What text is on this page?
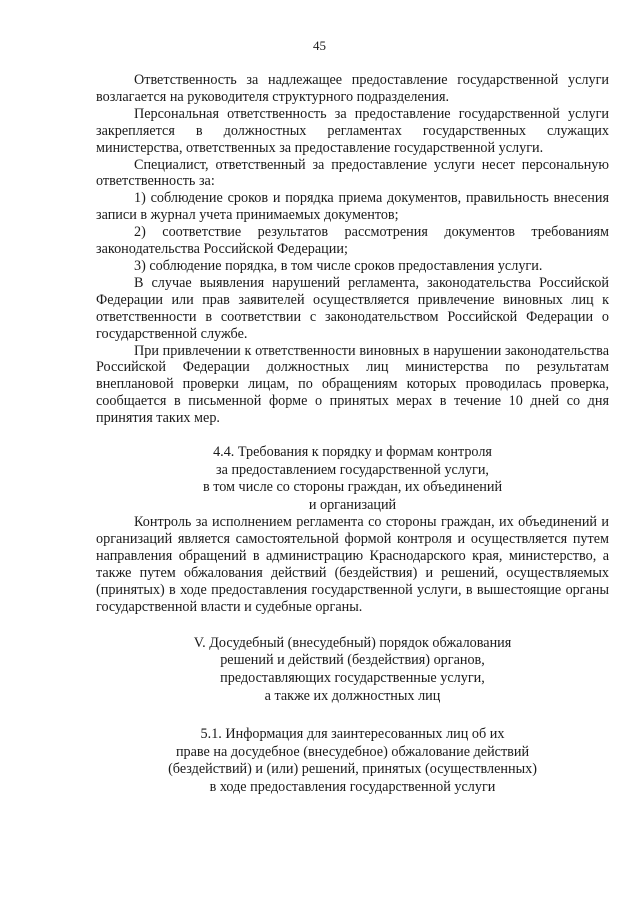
45

Ответственность за надлежащее предоставление государственной услуги возлагается на руководителя структурного подразделения.

Персональная ответственность за предоставление государственной услуги закрепляется в должностных регламентах государственных служащих министерства, ответственных за предоставление государственной услуги.

Специалист, ответственный за предоставление услуги несет персональную ответственность за:

1) соблюдение сроков и порядка приема документов, правильность внесения записи в журнал учета принимаемых документов;

2) соответствие результатов рассмотрения документов требованиям законодательства Российской Федерации;

3) соблюдение порядка, в том числе сроков предоставления услуги.

В случае выявления нарушений регламента, законодательства Российской Федерации или прав заявителей осуществляется привлечение виновных лиц к ответственности в соответствии с законодательством Российской Федерации о государственной службе.

При привлечении к ответственности виновных в нарушении законодательства Российской Федерации должностных лиц министерства по результатам внеплановой проверки лицам, по обращениям которых проводилась проверка, сообщается в письменной форме о принятых мерах в течение 10 дней со дня принятия таких мер.

4.4. Требования к порядку и формам контроля
за предоставлением государственной услуги,
в том числе со стороны граждан, их объединений
и организаций

Контроль за исполнением регламента со стороны граждан, их объединений и организаций является самостоятельной формой контроля и осуществляется путем направления обращений в администрацию Краснодарского края, министерство, а также путем обжалования действий (бездействия) и решений, осуществляемых (принятых) в ходе предоставления государственной услуги, в вышестоящие органы государственной власти и судебные органы.

V. Досудебный (внесудебный) порядок обжалования
решений и действий (бездействия) органов,
предоставляющих государственные услуги,
а также их должностных лиц
5.1. Информация для заинтересованных лиц об их
праве на досудебное (внесудебное) обжалование действий
(бездействий) и (или) решений, принятых (осуществленных)
в ходе предоставления государственной услуги
